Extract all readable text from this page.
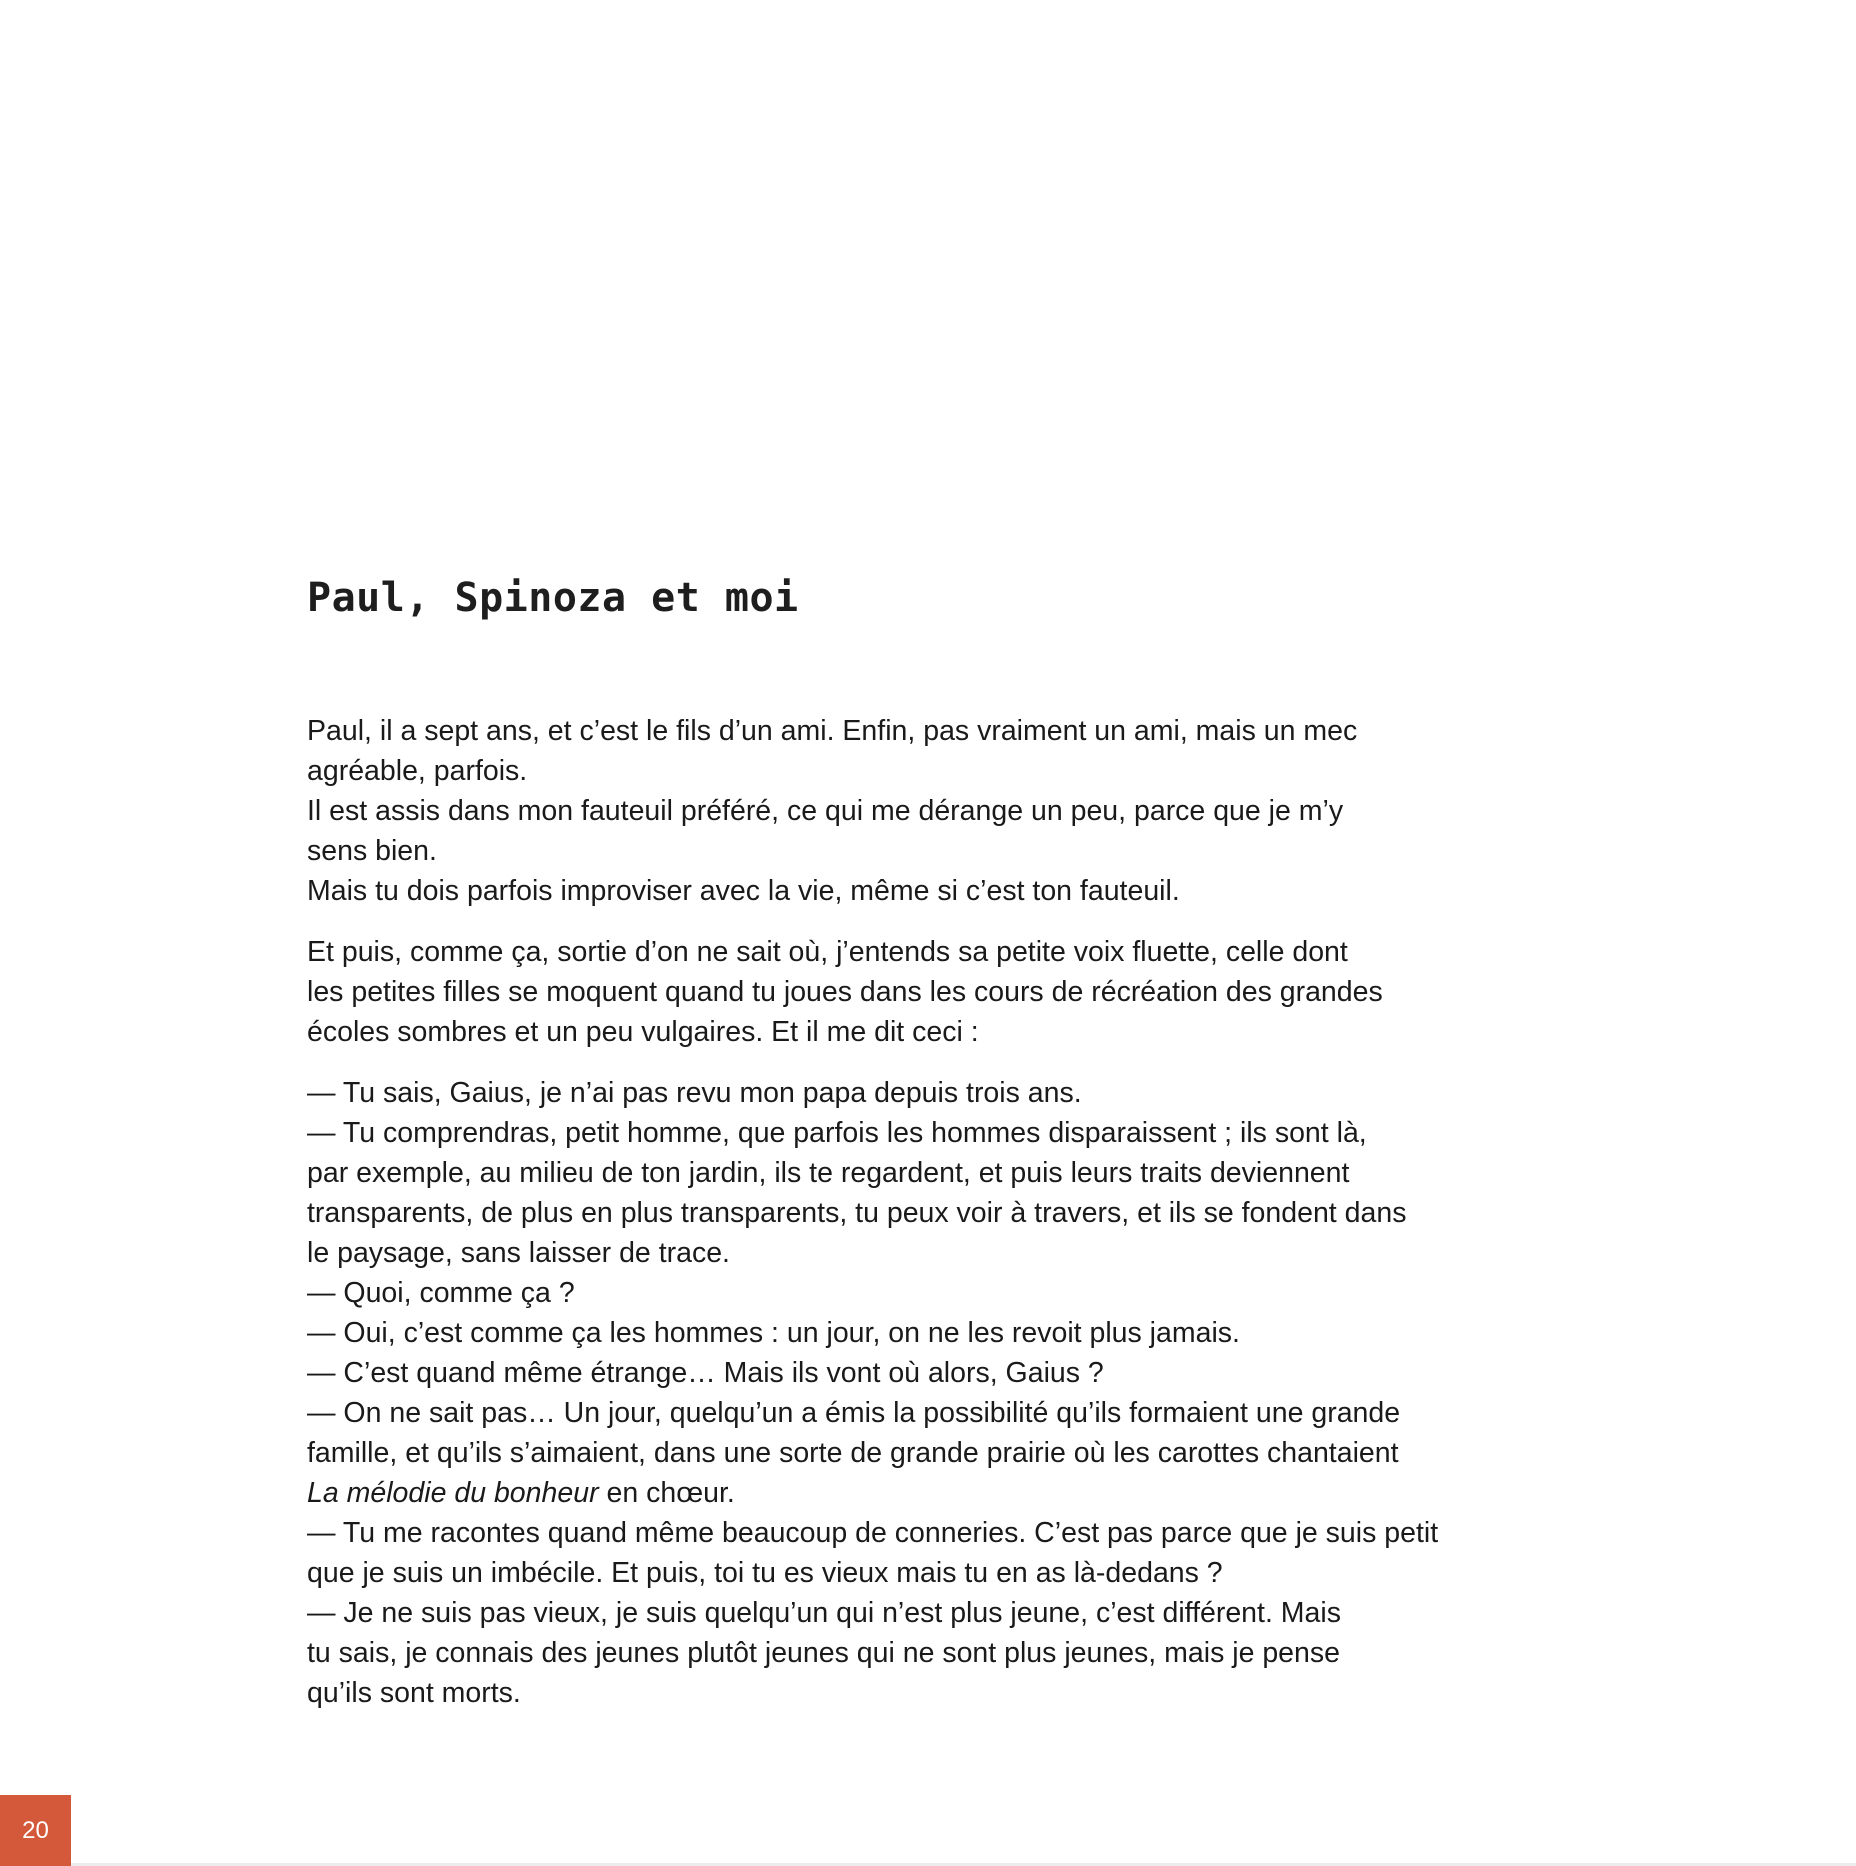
Paul, Spinoza et moi

Paul, il a sept ans, et c’est le fils d’un ami. Enfin, pas vraiment un ami, mais un mec
agréable, parfois.
Il est assis dans mon fauteuil préféré, ce qui me dérange un peu, parce que je m’y
sens bien.
Mais tu dois parfois improviser avec la vie, même si c’est ton fauteuil.

Et puis, comme ça, sortie d’on ne sait où, j’entends sa petite voix fluette, celle dont
les petites filles se moquent quand tu joues dans les cours de récréation des grandes
écoles sombres et un peu vulgaires. Et il me dit ceci :

— Tu sais, Gaius, je n’ai pas revu mon papa depuis trois ans.
— Tu comprendras, petit homme, que parfois les hommes disparaissent ; ils sont là,
par exemple, au milieu de ton jardin, ils te regardent, et puis leurs traits deviennent
transparents, de plus en plus transparents, tu peux voir à travers, et ils se fondent dans
le paysage, sans laisser de trace.
— Quoi, comme ça ?
— Oui, c’est comme ça les hommes : un jour, on ne les revoit plus jamais.
— C’est quand même étrange… Mais ils vont où alors, Gaius ?
— On ne sait pas… Un jour, quelqu’un a émis la possibilité qu’ils formaient une grande
famille, et qu’ils s’aimaient, dans une sorte de grande prairie où les carottes chantaient
La mélodie du bonheur en chœur.
— Tu me racontes quand même beaucoup de conneries. C’est pas parce que je suis petit
que je suis un imbécile. Et puis, toi tu es vieux mais tu en as là-dedans ?
— Je ne suis pas vieux, je suis quelqu’un qui n’est plus jeune, c’est différent. Mais
tu sais, je connais des jeunes plutôt jeunes qui ne sont plus jeunes, mais je pense
qu’ils sont morts.

20
